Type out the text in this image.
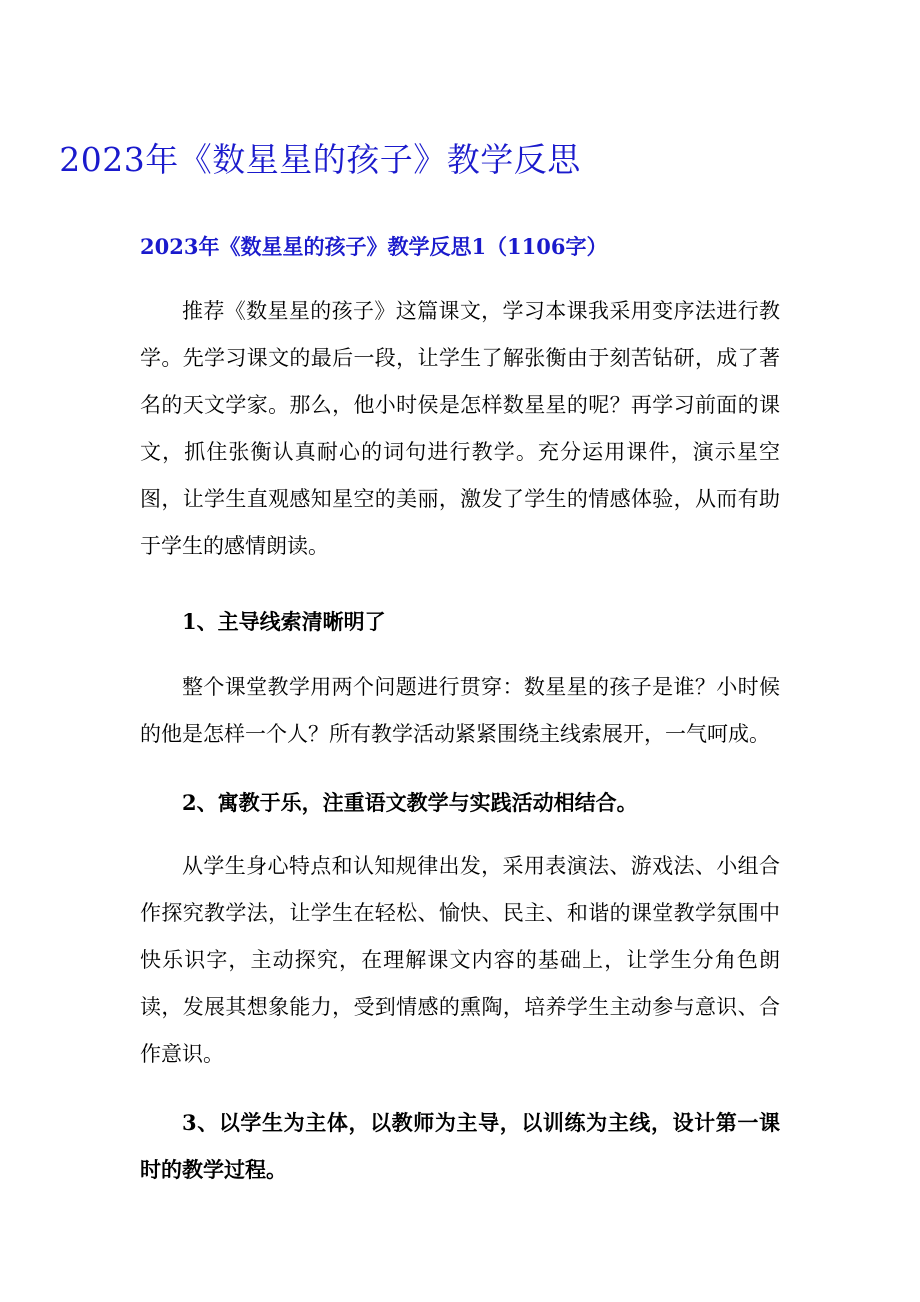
2023年《数星星的孩子》教学反思
2023年《数星星的孩子》教学反思1（1106字）

推荐《数星星的孩子》这篇课文，学习本课我采用变序法进行教学。先学习课文的最后一段，让学生了解张衡由于刻苦钻研，成了著名的天文学家。那么，他小时侯是怎样数星星的呢？再学习前面的课文，抓住张衡认真耐心的词句进行教学。充分运用课件，演示星空图，让学生直观感知星空的美丽，激发了学生的情感体验，从而有助于学生的感情朗读。

1、主导线索清晰明了

整个课堂教学用两个问题进行贯穿：数星星的孩子是谁？小时候的他是怎样一个人？所有教学活动紧紧围绕主线索展开，一气呵成。

2、寓教于乐，注重语文教学与实践活动相结合。

从学生身心特点和认知规律出发，采用表演法、游戏法、小组合作探究教学法，让学生在轻松、愉快、民主、和谐的课堂教学氛围中快乐识字，主动探究，在理解课文内容的基础上，让学生分角色朗读，发展其想象能力，受到情感的熏陶，培养学生主动参与意识、合作意识。

3、以学生为主体，以教师为主导，以训练为主线，设计第一课时的教学过程。
